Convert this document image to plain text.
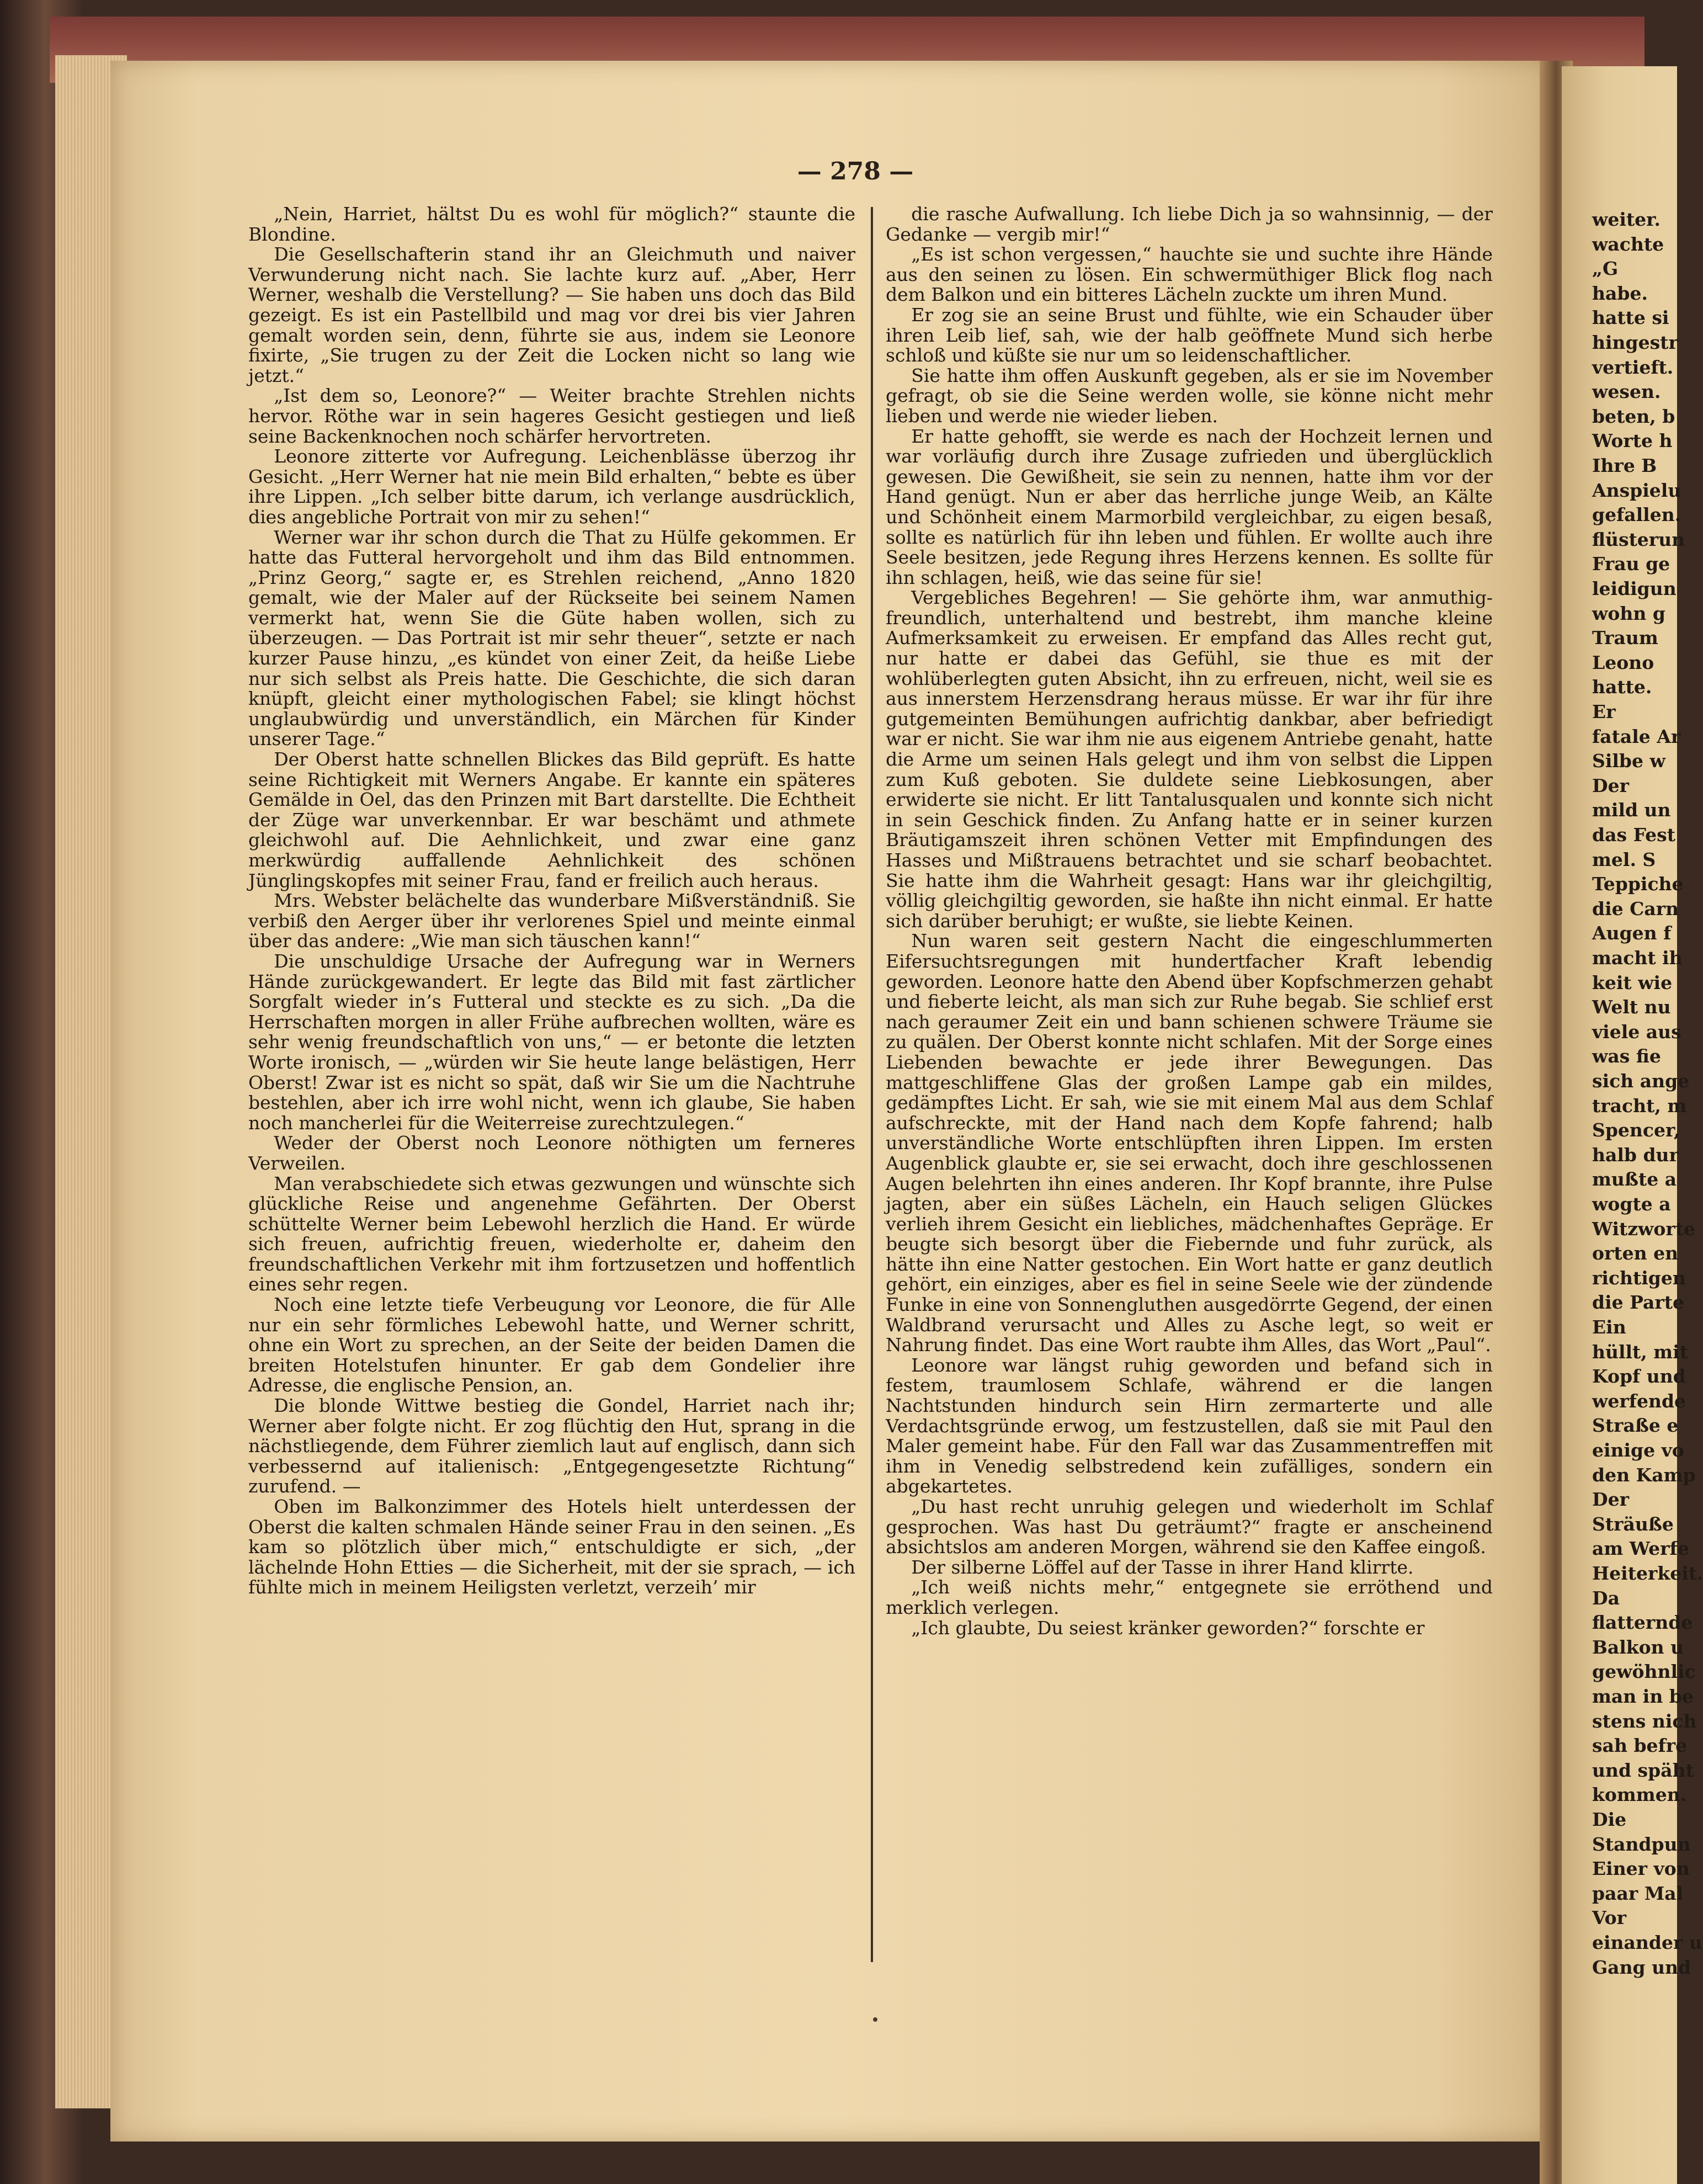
— 278 —

„Nein, Harriet, hältst Du es wohl für möglich?“ staunte die Blondine.

Die Gesellschafterin stand ihr an Gleichmuth und naiver Verwunderung nicht nach. Sie lachte kurz auf. „Aber, Herr Werner, weshalb die Verstellung? — Sie haben uns doch das Bild gezeigt. Es ist ein Pastellbild und mag vor drei bis vier Jahren gemalt worden sein, denn, führte sie aus, indem sie Leonore fixirte, „Sie trugen zu der Zeit die Locken nicht so lang wie jetzt.“

„Ist dem so, Leonore?“ — Weiter brachte Strehlen nichts hervor. Röthe war in sein hageres Gesicht gestiegen und ließ seine Backenknochen noch schärfer hervortreten.

Leonore zitterte vor Aufregung. Leichenblässe überzog ihr Gesicht. „Herr Werner hat nie mein Bild erhalten,“ bebte es über ihre Lippen. „Ich selber bitte darum, ich verlange ausdrücklich, dies angebliche Portrait von mir zu sehen!“

Werner war ihr schon durch die That zu Hülfe gekommen. Er hatte das Futteral hervorgeholt und ihm das Bild entnommen. „Prinz Georg,“ sagte er, es Strehlen reichend, „Anno 1820 gemalt, wie der Maler auf der Rückseite bei seinem Namen vermerkt hat, wenn Sie die Güte haben wollen, sich zu überzeugen. — Das Portrait ist mir sehr theuer“, setzte er nach kurzer Pause hinzu, „es kündet von einer Zeit, da heiße Liebe nur sich selbst als Preis hatte. Die Geschichte, die sich daran knüpft, gleicht einer mythologischen Fabel; sie klingt höchst unglaubwürdig und unverständlich, ein Märchen für Kinder unserer Tage.“

Der Oberst hatte schnellen Blickes das Bild geprüft. Es hatte seine Richtigkeit mit Werners Angabe. Er kannte ein späteres Gemälde in Oel, das den Prinzen mit Bart darstellte. Die Echtheit der Züge war unverkennbar. Er war beschämt und athmete gleichwohl auf. Die Aehnlichkeit, und zwar eine ganz merkwürdig auffallende Aehnlichkeit des schönen Jünglingskopfes mit seiner Frau, fand er freilich auch heraus.

Mrs. Webster belächelte das wunderbare Mißverständniß. Sie verbiß den Aerger über ihr verlorenes Spiel und meinte einmal über das andere: „Wie man sich täuschen kann!“

Die unschuldige Ursache der Aufregung war in Werners Hände zurückgewandert. Er legte das Bild mit fast zärtlicher Sorgfalt wieder in’s Futteral und steckte es zu sich. „Da die Herrschaften morgen in aller Frühe aufbrechen wollten, wäre es sehr wenig freundschaftlich von uns,“ — er betonte die letzten Worte ironisch, — „würden wir Sie heute lange belästigen, Herr Oberst! Zwar ist es nicht so spät, daß wir Sie um die Nachtruhe bestehlen, aber ich irre wohl nicht, wenn ich glaube, Sie haben noch mancherlei für die Weiterreise zurechtzulegen.“

Weder der Oberst noch Leonore nöthigten um ferneres Verweilen.

Man verabschiedete sich etwas gezwungen und wünschte sich glückliche Reise und angenehme Gefährten. Der Oberst schüttelte Werner beim Lebewohl herzlich die Hand. Er würde sich freuen, aufrichtig freuen, wiederholte er, daheim den freundschaftlichen Verkehr mit ihm fortzusetzen und hoffentlich eines sehr regen.

Noch eine letzte tiefe Verbeugung vor Leonore, die für Alle nur ein sehr förmliches Lebewohl hatte, und Werner schritt, ohne ein Wort zu sprechen, an der Seite der beiden Damen die breiten Hotelstufen hinunter. Er gab dem Gondelier ihre Adresse, die englische Pension, an.

Die blonde Wittwe bestieg die Gondel, Harriet nach ihr; Werner aber folgte nicht. Er zog flüchtig den Hut, sprang in die nächstliegende, dem Führer ziemlich laut auf englisch, dann sich verbessernd auf italienisch: „Entgegengesetzte Richtung“ zurufend. —

Oben im Balkonzimmer des Hotels hielt unterdessen der Oberst die kalten schmalen Hände seiner Frau in den seinen. „Es kam so plötzlich über mich,“ entschuldigte er sich, „der lächelnde Hohn Etties — die Sicherheit, mit der sie sprach, — ich fühlte mich in meinem Heiligsten verletzt, verzeih’ mir

die rasche Aufwallung. Ich liebe Dich ja so wahnsinnig, — der Gedanke — vergib mir!“

„Es ist schon vergessen,“ hauchte sie und suchte ihre Hände aus den seinen zu lösen. Ein schwermüthiger Blick flog nach dem Balkon und ein bitteres Lächeln zuckte um ihren Mund.

Er zog sie an seine Brust und fühlte, wie ein Schauder über ihren Leib lief, sah, wie der halb geöffnete Mund sich herbe schloß und küßte sie nur um so leidenschaftlicher.

Sie hatte ihm offen Auskunft gegeben, als er sie im November gefragt, ob sie die Seine werden wolle, sie könne nicht mehr lieben und werde nie wieder lieben.

Er hatte gehofft, sie werde es nach der Hochzeit lernen und war vorläufig durch ihre Zusage zufrieden und überglücklich gewesen. Die Gewißheit, sie sein zu nennen, hatte ihm vor der Hand genügt. Nun er aber das herrliche junge Weib, an Kälte und Schönheit einem Marmorbild vergleichbar, zu eigen besaß, sollte es natürlich für ihn leben und fühlen. Er wollte auch ihre Seele besitzen, jede Regung ihres Herzens kennen. Es sollte für ihn schlagen, heiß, wie das seine für sie!

Vergebliches Begehren! — Sie gehörte ihm, war anmuthig-freundlich, unterhaltend und bestrebt, ihm manche kleine Aufmerksamkeit zu erweisen. Er empfand das Alles recht gut, nur hatte er dabei das Gefühl, sie thue es mit der wohlüberlegten guten Absicht, ihn zu erfreuen, nicht, weil sie es aus innerstem Herzensdrang heraus müsse. Er war ihr für ihre gutgemeinten Bemühungen aufrichtig dankbar, aber befriedigt war er nicht. Sie war ihm nie aus eigenem Antriebe genaht, hatte die Arme um seinen Hals gelegt und ihm von selbst die Lippen zum Kuß geboten. Sie duldete seine Liebkosungen, aber erwiderte sie nicht. Er litt Tantalusqualen und konnte sich nicht in sein Geschick finden. Zu Anfang hatte er in seiner kurzen Bräutigamszeit ihren schönen Vetter mit Empfindungen des Hasses und Mißtrauens betrachtet und sie scharf beobachtet. Sie hatte ihm die Wahrheit gesagt: Hans war ihr gleichgiltig, völlig gleichgiltig geworden, sie haßte ihn nicht einmal. Er hatte sich darüber beruhigt; er wußte, sie liebte Keinen.

Nun waren seit gestern Nacht die eingeschlummerten Eifersuchtsregungen mit hundertfacher Kraft lebendig geworden. Leonore hatte den Abend über Kopfschmerzen gehabt und fieberte leicht, als man sich zur Ruhe begab. Sie schlief erst nach geraumer Zeit ein und bann schienen schwere Träume sie zu quälen. Der Oberst konnte nicht schlafen. Mit der Sorge eines Liebenden bewachte er jede ihrer Bewegungen. Das mattgeschliffene Glas der großen Lampe gab ein mildes, gedämpftes Licht. Er sah, wie sie mit einem Mal aus dem Schlaf aufschreckte, mit der Hand nach dem Kopfe fahrend; halb unverständliche Worte entschlüpften ihren Lippen. Im ersten Augenblick glaubte er, sie sei erwacht, doch ihre geschlossenen Augen belehrten ihn eines anderen. Ihr Kopf brannte, ihre Pulse jagten, aber ein süßes Lächeln, ein Hauch seligen Glückes verlieh ihrem Gesicht ein liebliches, mädchenhaftes Gepräge. Er beugte sich besorgt über die Fiebernde und fuhr zurück, als hätte ihn eine Natter gestochen. Ein Wort hatte er ganz deutlich gehört, ein einziges, aber es fiel in seine Seele wie der zündende Funke in eine von Sonnengluthen ausgedörrte Gegend, der einen Waldbrand verursacht und Alles zu Asche legt, so weit er Nahrung findet. Das eine Wort raubte ihm Alles, das Wort „Paul“.

Leonore war längst ruhig geworden und befand sich in festem, traumlosem Schlafe, während er die langen Nachtstunden hindurch sein Hirn zermarterte und alle Verdachtsgründe erwog, um festzustellen, daß sie mit Paul den Maler gemeint habe. Für den Fall war das Zusammentreffen mit ihm in Venedig selbstredend kein zufälliges, sondern ein abgekartetes.

„Du hast recht unruhig gelegen und wiederholt im Schlaf gesprochen. Was hast Du geträumt?“ fragte er anscheinend absichtslos am anderen Morgen, während sie den Kaffee eingoß.

Der silberne Löffel auf der Tasse in ihrer Hand klirrte.

„Ich weiß nichts mehr,“ entgegnete sie erröthend und merklich verlegen.

„Ich glaubte, Du seiest kränker geworden?“ forschte er

weiter.
wachte
„G
habe.
hatte si
hingestr
vertieft.
wesen.
beten, b
Worte h
Ihre B
Anspielu
gefallen.
flüsterun
Frau ge
leidigun
wohn g
Traum
Leono
hatte.
Er
fatale Ar
Silbe w
Der
mild un
das Fest
mel. S
Teppiche
die Carn
Augen f
macht ih
keit wie
Welt nu
viele aus
was fie
sich ange
tracht, m
Spencer,
halb dur
mußte a
wogte a
Witzworte
orten en
richtigen
die Parte
Ein
hüllt, mit
Kopf und
werfende
Straße e
einige vo
den Kamp
Der
Sträuße
am Werfe
Heiterkeit.
Da
flatternde
Balkon u
gewöhnlic
man in be
stens nich
sah befre
und späht
kommen.
Die
Standpun
Einer von
paar Mal
Vor
einander u
Gang und
